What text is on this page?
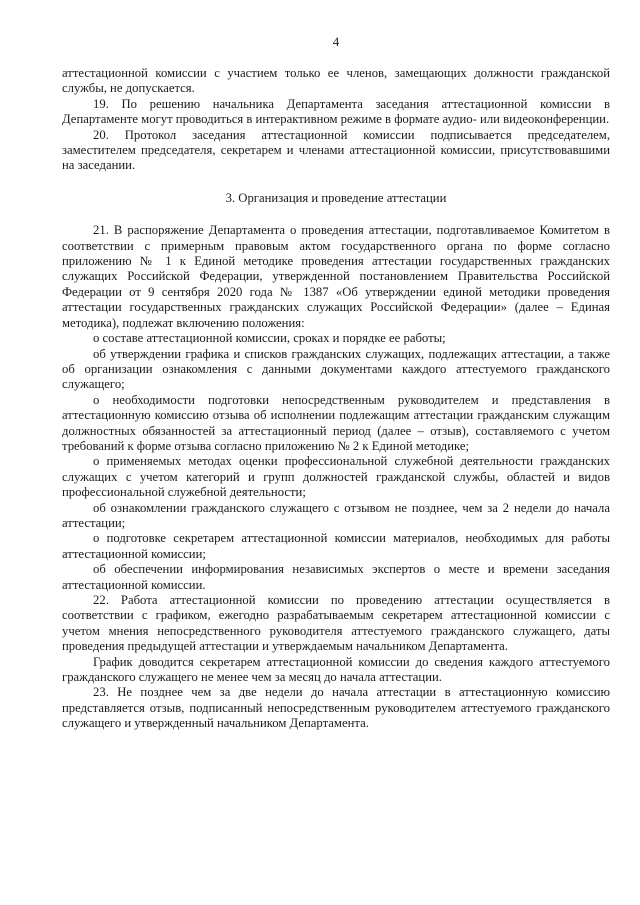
4

аттестационной комиссии с участием только ее членов, замещающих должности гражданской службы, не допускается.

19. По решению начальника Департамента заседания аттестационной комиссии в Департаменте могут проводиться в интерактивном режиме в формате аудио- или видеоконференции.

20. Протокол заседания аттестационной комиссии подписывается председателем, заместителем председателя, секретарем и членами аттестационной комиссии, присутствовавшими на заседании.

3. Организация и проведение аттестации

21. В распоряжение Департамента о проведения аттестации, подготавливаемое Комитетом в соответствии с примерным правовым актом государственного органа по форме согласно приложению № 1 к Единой методике проведения аттестации государственных гражданских служащих Российской Федерации, утвержденной постановлением Правительства Российской Федерации от 9 сентября 2020 года № 1387 «Об утверждении единой методики проведения аттестации государственных гражданских служащих Российской Федерации» (далее – Единая методика), подлежат включению положения:

о составе аттестационной комиссии, сроках и порядке ее работы;

об утверждении графика и списков гражданских служащих, подлежащих аттестации, а также об организации ознакомления с данными документами каждого аттестуемого гражданского служащего;

о необходимости подготовки непосредственным руководителем и представления в аттестационную комиссию отзыва об исполнении подлежащим аттестации гражданским служащим должностных обязанностей за аттестационный период (далее – отзыв), составляемого с учетом требований к форме отзыва согласно приложению № 2 к Единой методике;

о применяемых методах оценки профессиональной служебной деятельности гражданских служащих с учетом категорий и групп должностей гражданской службы, областей и видов профессиональной служебной деятельности;

об ознакомлении гражданского служащего с отзывом не позднее, чем за 2 недели до начала аттестации;

о подготовке секретарем аттестационной комиссии материалов, необходимых для работы аттестационной комиссии;

об обеспечении информирования независимых экспертов о месте и времени заседания аттестационной комиссии.

22. Работа аттестационной комиссии по проведению аттестации осуществляется в соответствии с графиком, ежегодно разрабатываемым секретарем аттестационной комиссии с учетом мнения непосредственного руководителя аттестуемого гражданского служащего, даты проведения предыдущей аттестации и утверждаемым начальником Департамента.

График доводится секретарем аттестационной комиссии до сведения каждого аттестуемого гражданского служащего не менее чем за месяц до начала аттестации.

23. Не позднее чем за две недели до начала аттестации в аттестационную комиссию представляется отзыв, подписанный непосредственным руководителем аттестуемого гражданского служащего и утвержденный начальником Департамента.
